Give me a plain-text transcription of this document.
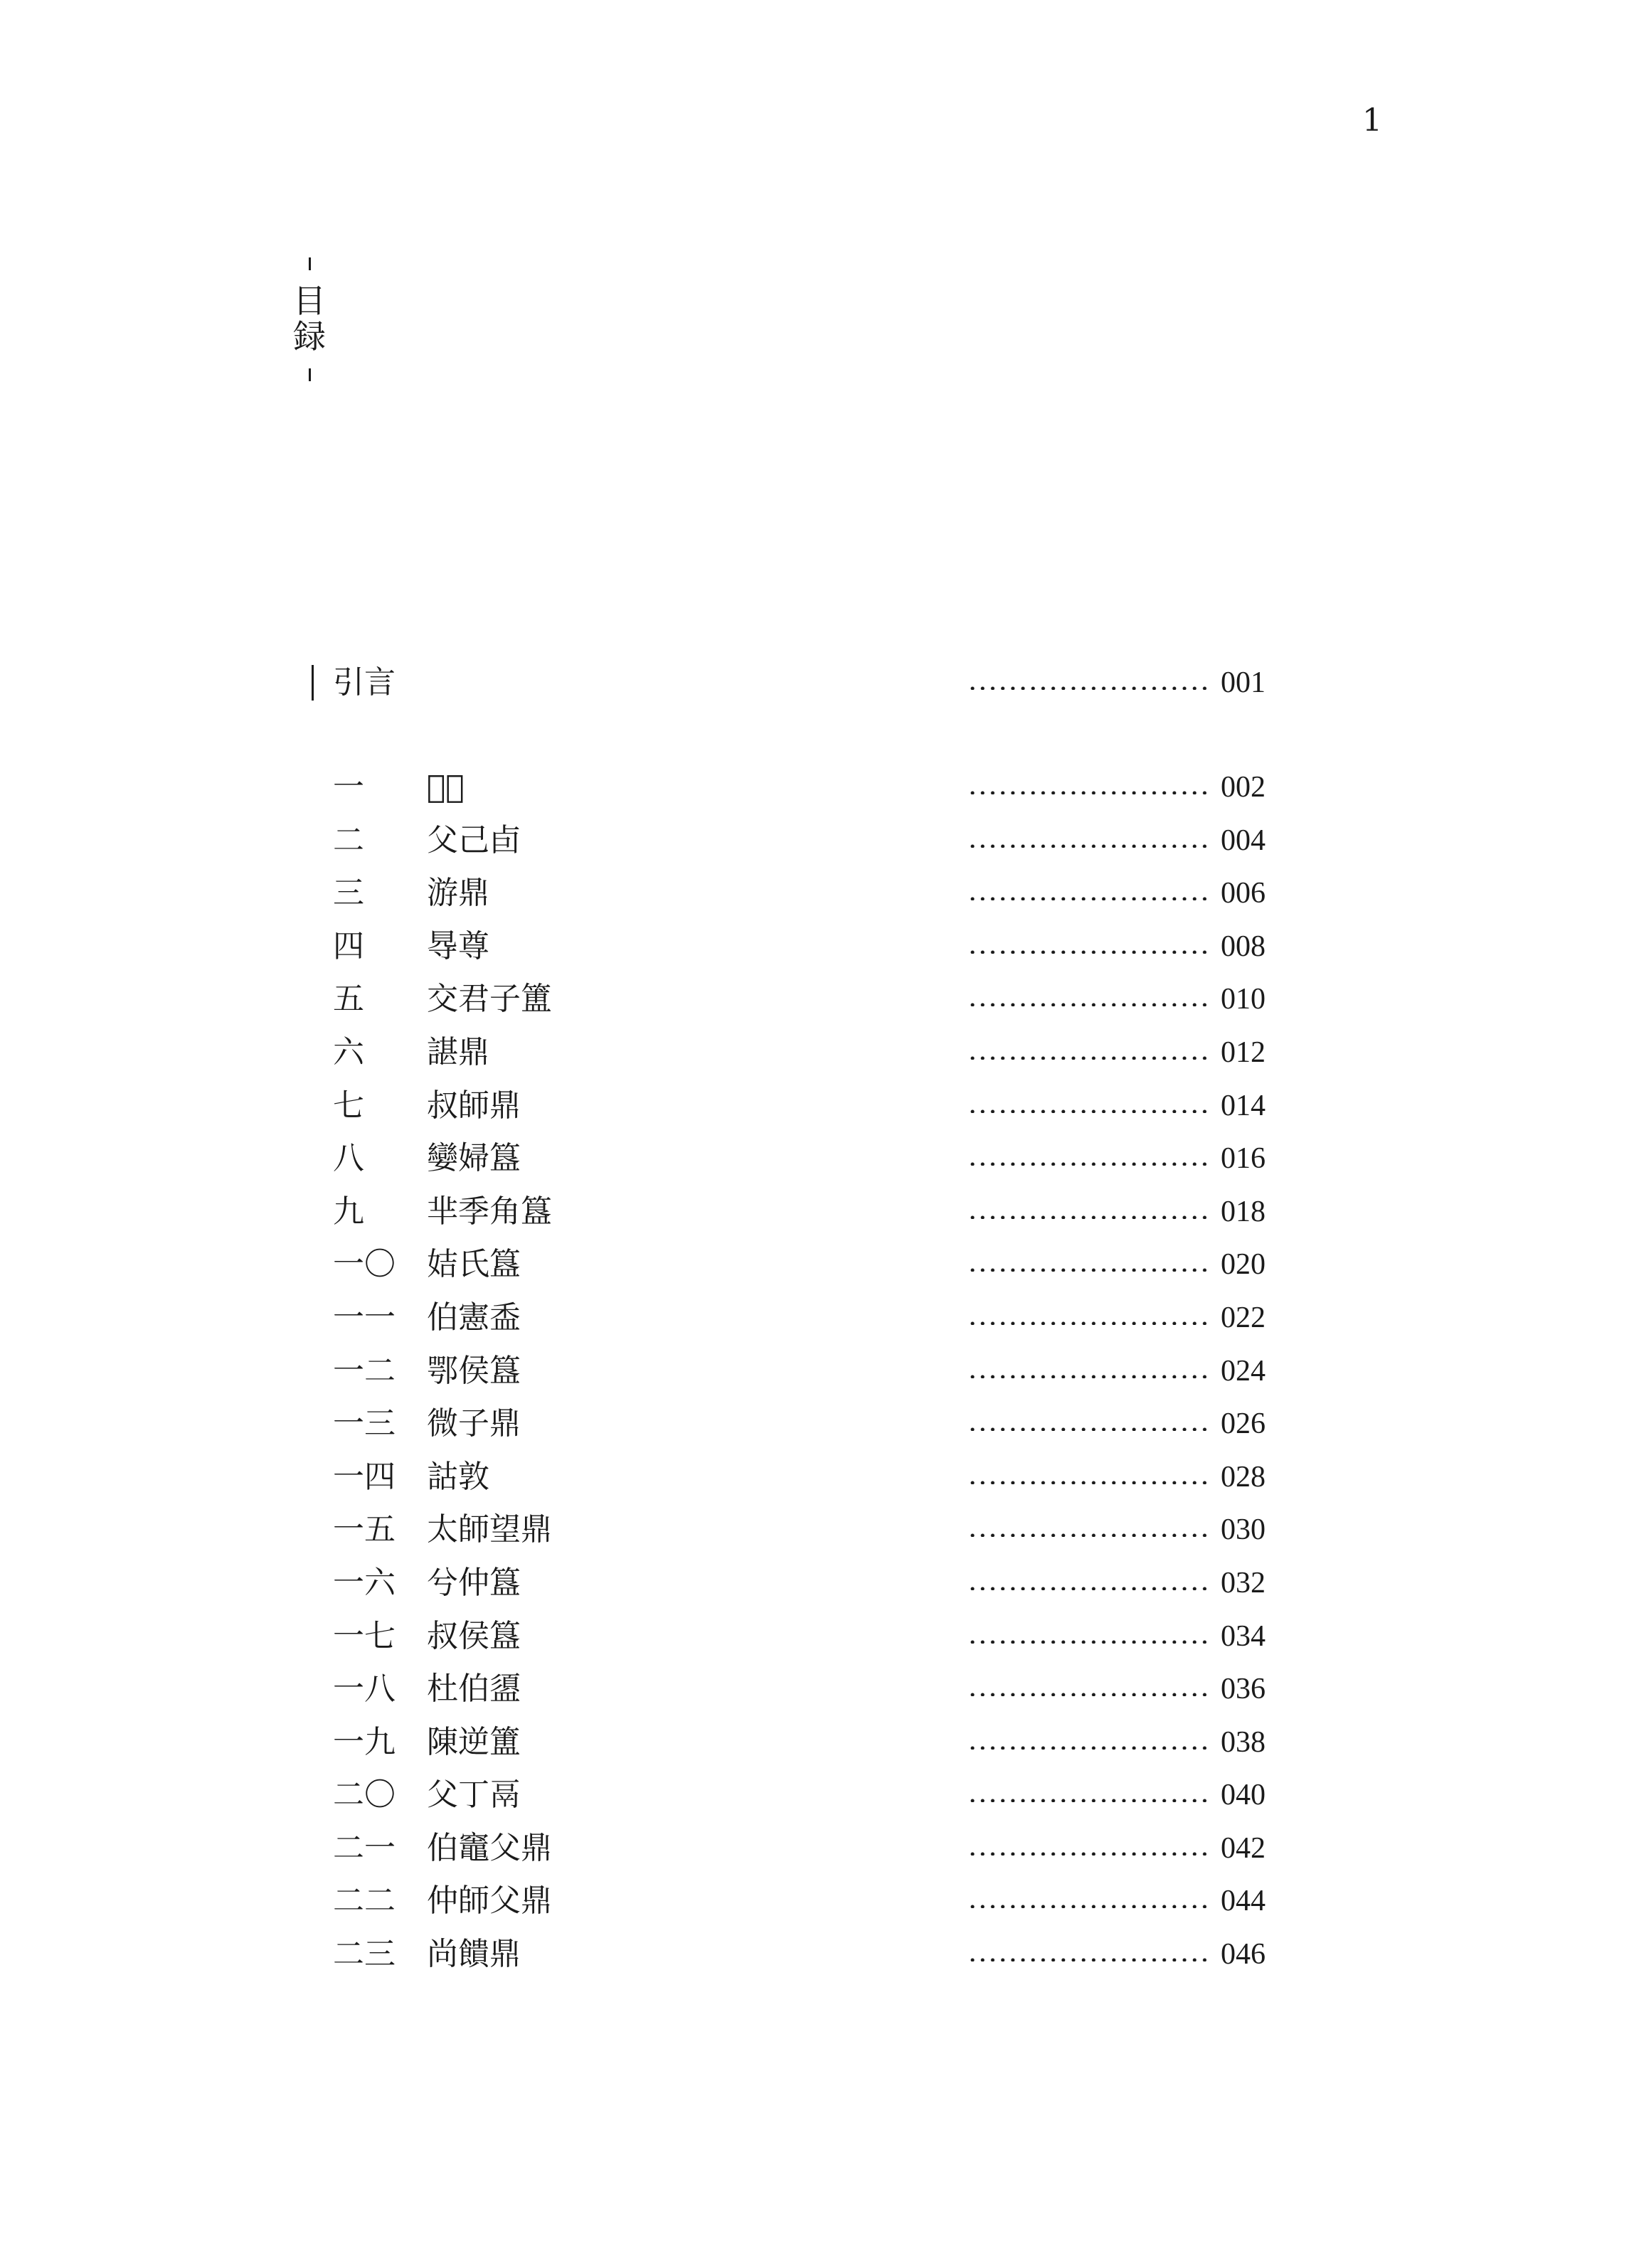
1
目
録
引言	001
一 𠫑尊	002
二 父己卣	004
三 游鼎	006
四 䙷尊	008
五 交君子簠	010
六 諶鼎	012
七 叔師鼎	014
八 孌婦簋	016
九 芈季角簋	018
一〇 姞氏簋	020
一一 伯憲盉	022
一二 鄂侯簋	024
一三 微子鼎	026
一四 詁敦	028
一五 太師望鼎	030
一六 兮仲簋	032
一七 叔侯簋	034
一八 杜伯盨	036
一九 陳逆簠	038
二〇 父丁鬲	040
二一 伯竈父鼎	042
二二 仲師父鼎	044
二三 尚饋鼎	046
